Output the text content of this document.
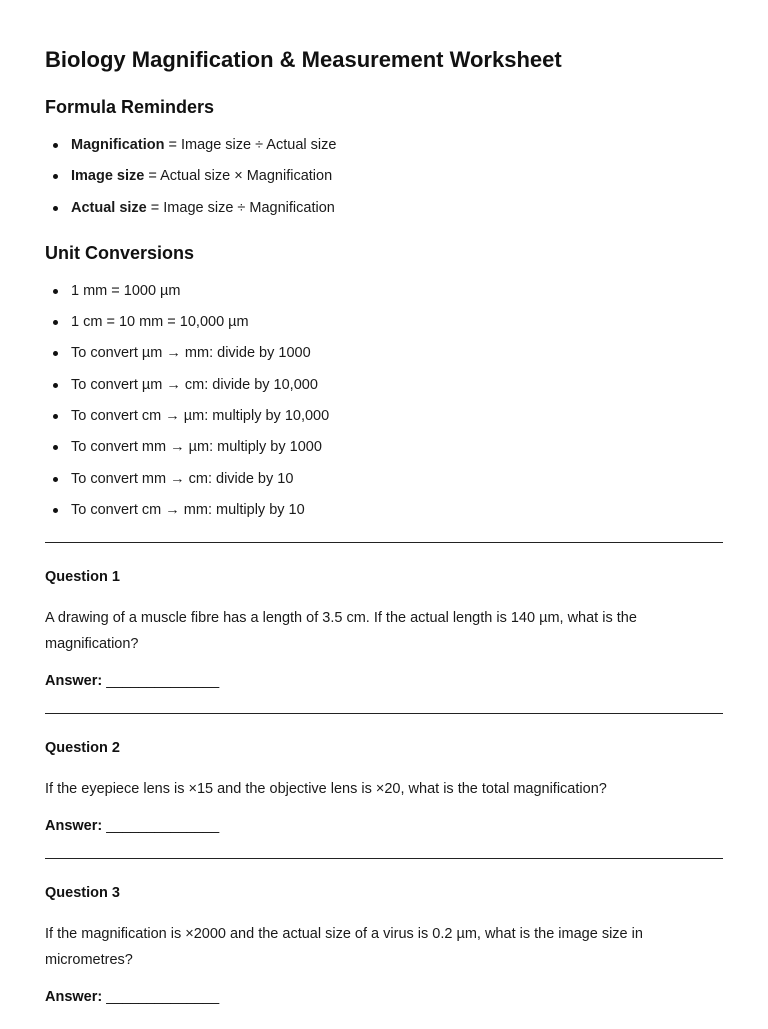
Biology Magnification & Measurement Worksheet
Formula Reminders
Magnification = Image size ÷ Actual size
Image size = Actual size × Magnification
Actual size = Image size ÷ Magnification
Unit Conversions
1 mm = 1000 µm
1 cm = 10 mm = 10,000 µm
To convert µm → mm: divide by 1000
To convert µm → cm: divide by 10,000
To convert cm → µm: multiply by 10,000
To convert mm → µm: multiply by 1000
To convert mm → cm: divide by 10
To convert cm → mm: multiply by 10

Question 1

A drawing of a muscle fibre has a length of 3.5 cm. If the actual length is 140 µm, what is the magnification?

Answer: ______________

Question 2

If the eyepiece lens is ×15 and the objective lens is ×20, what is the total magnification?

Answer: ______________

Question 3

If the magnification is ×2000 and the actual size of a virus is 0.2 µm, what is the image size in micrometres?

Answer: ______________
